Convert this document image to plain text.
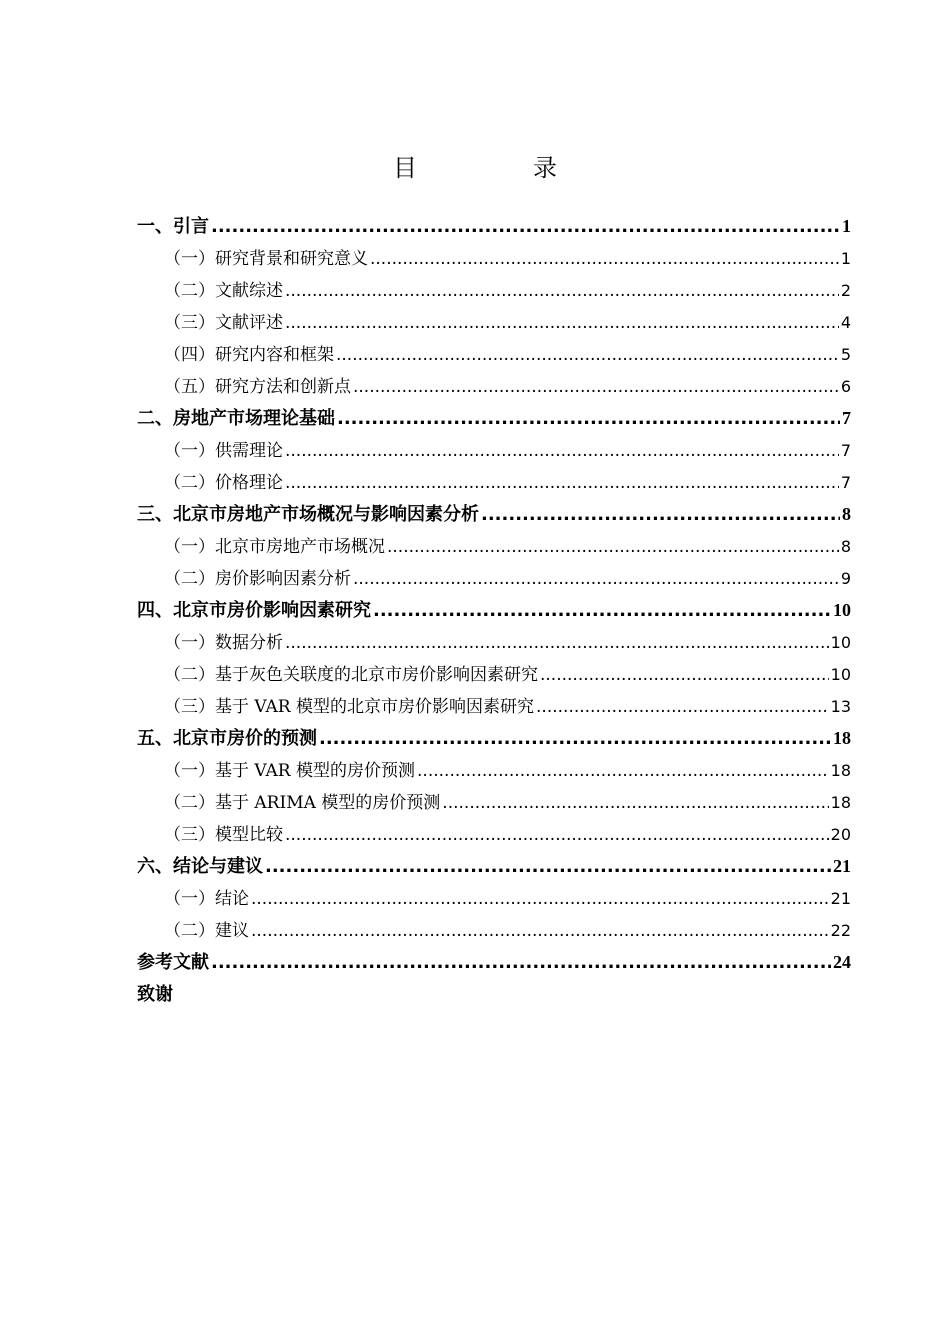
目　录
一、 引言 .....	1
（一） 研究背景和研究意义 .....	1
（二） 文献综述 .....	2
（三） 文献评述 .....	4
（四） 研究内容和框架 .....	5
（五） 研究方法和创新点 .....	6
二、 房地产市场理论基础 .....	7
（一） 供需理论 .....	7
（二） 价格理论 .....	7
三、 北京市房地产市场概况与影响因素分析 .....	8
（一） 北京市房地产市场概况 .....	8
（二） 房价影响因素分析 .....	9
四、 北京市房价影响因素研究 .....	10
（一） 数据分析 .....	10
（二） 基于灰色关联度的北京市房价影响因素研究 .....	10
（三） 基于 VAR 模型的北京市房价影响因素研究 .....	13
五、 北京市房价的预测 .....	18
（一） 基于 VAR 模型的房价预测 .....	18
（二） 基于 ARIMA 模型的房价预测 .....	18
（三） 模型比较 .....	20
六、 结论与建议 .....	21
（一） 结论 .....	21
（二） 建议 .....	22
参考文献 .....	24
致谢
